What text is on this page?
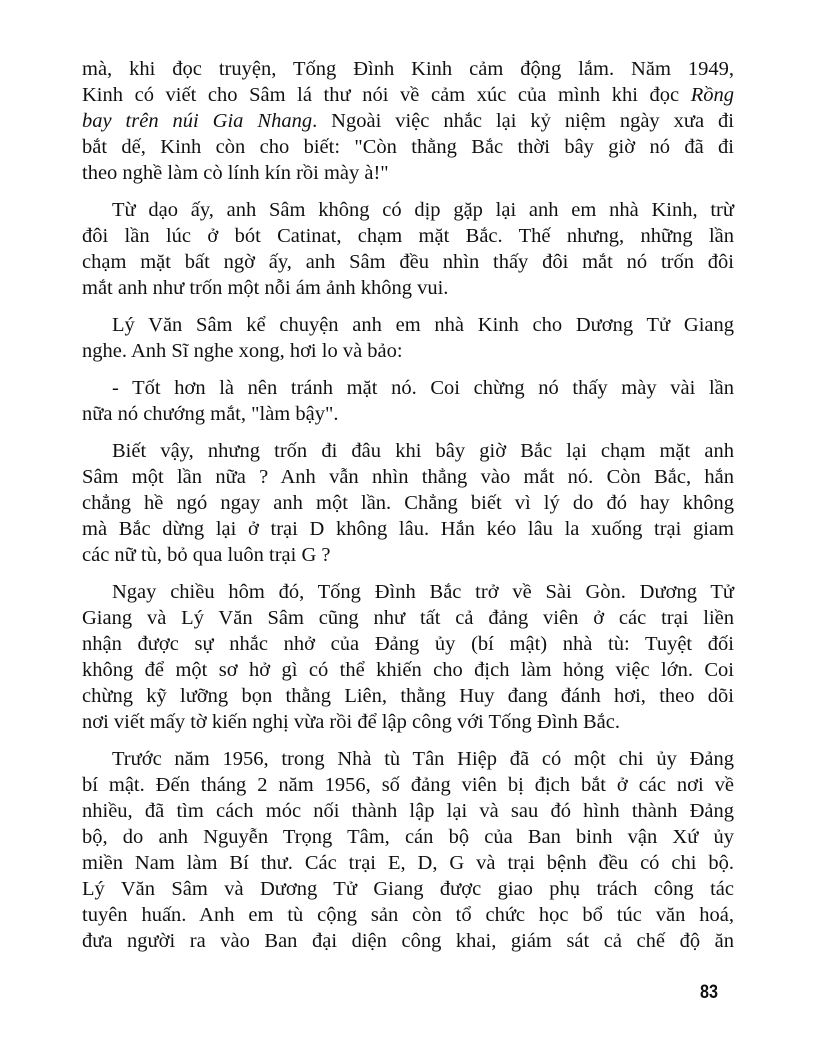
mà, khi đọc truyện, Tống Đình Kinh cảm động lắm. Năm 1949,
Kinh có viết cho Sâm lá thư nói về cảm xúc của mình khi đọc Rồng
bay trên núi Gia Nhang. Ngoài việc nhắc lại kỷ niệm ngày xưa đi
bắt dế, Kinh còn cho biết: "Còn thằng Bắc thời bây giờ nó đã đi
theo nghề làm cò lính kín rồi mày à!"
Từ dạo ấy, anh Sâm không có dịp gặp lại anh em nhà Kinh, trừ
đôi lần lúc ở bót Catinat, chạm mặt Bắc. Thế nhưng, những lần
chạm mặt bất ngờ ấy, anh Sâm đều nhìn thấy đôi mắt nó trốn đôi
mắt anh như trốn một nỗi ám ảnh không vui.
Lý Văn Sâm kể chuyện anh em nhà Kinh cho Dương Tử Giang
nghe. Anh Sĩ nghe xong, hơi lo và bảo:
- Tốt hơn là nên tránh mặt nó. Coi chừng nó thấy mày vài lần
nữa nó chướng mắt, "làm bậy".
Biết vậy, nhưng trốn đi đâu khi bây giờ Bắc lại chạm mặt anh
Sâm một lần nữa ? Anh vẫn nhìn thẳng vào mắt nó. Còn Bắc, hắn
chẳng hề ngó ngay anh một lần. Chẳng biết vì lý do đó hay không
mà Bắc dừng lại ở trại D không lâu. Hắn kéo lâu la xuống trại giam
các nữ tù, bỏ qua luôn trại G ?
Ngay chiều hôm đó, Tống Đình Bắc trở về Sài Gòn. Dương Tử
Giang và Lý Văn Sâm cũng như tất cả đảng viên ở các trại liền
nhận được sự nhắc nhở của Đảng ủy (bí mật) nhà tù: Tuyệt đối
không để một sơ hở gì có thể khiến cho địch làm hỏng việc lớn. Coi
chừng kỹ lưỡng bọn thằng Liên, thằng Huy đang đánh hơi, theo dõi
nơi viết mấy tờ kiến nghị vừa rồi để lập công với Tống Đình Bắc.
Trước năm 1956, trong Nhà tù Tân Hiệp đã có một chi ủy Đảng
bí mật. Đến tháng 2 năm 1956, số đảng viên bị địch bắt ở các nơi về
nhiều, đã tìm cách móc nối thành lập lại và sau đó hình thành Đảng
bộ, do anh Nguyễn Trọng Tâm, cán bộ của Ban binh vận Xứ ủy
miền Nam làm Bí thư. Các trại E, D, G và trại bệnh đều có chi bộ.
Lý Văn Sâm và Dương Tử Giang được giao phụ trách công tác
tuyên huấn. Anh em tù cộng sản còn tổ chức học bổ túc văn hoá,
đưa người ra vào Ban đại diện công khai, giám sát cả chế độ ăn
83
